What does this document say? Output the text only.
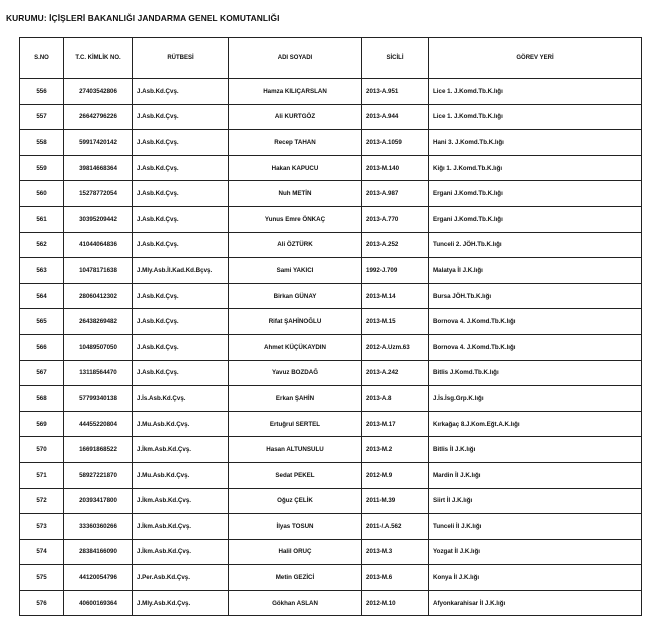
KURUMU: İÇİŞLERİ BAKANLIĞI JANDARMA GENEL KOMUTANLIĞI
S.NO	T.C. KİMLİK NO.	RÜTBESİ	ADI SOYADI	SİCİLİ	GÖREV YERİ
556	27403542806	J.Asb.Kd.Çvş.	Hamza KILIÇARSLAN	2013-A.951	Lice 1. J.Komd.Tb.K.lığı
557	26642796226	J.Asb.Kd.Çvş.	Ali KURTGÖZ	2013-A.944	Lice 1. J.Komd.Tb.K.lığı
558	59917420142	J.Asb.Kd.Çvş.	Recep TAHAN	2013-A.1059	Hani 3. J.Komd.Tb.K.lığı
559	39814668364	J.Asb.Kd.Çvş.	Hakan KAPUCU	2013-M.140	Kiğı 1. J.Komd.Tb.K.lığı
560	15278772054	J.Asb.Kd.Çvş.	Nuh METİN	2013-A.987	Ergani J.Komd.Tb.K.lığı
561	30395209442	J.Asb.Kd.Çvş.	Yunus Emre ÖNKAÇ	2013-A.770	Ergani J.Komd.Tb.K.lığı
562	41044064836	J.Asb.Kd.Çvş.	Ali ÖZTÜRK	2013-A.252	Tunceli 2. JÖH.Tb.K.lığı
563	10478171638	J.Mly.Asb.İl.Kad.Kd.Bçvş.	Sami YAKICI	1992-J.709	Malatya İl J.K.lığı
564	28060412302	J.Asb.Kd.Çvş.	Birkan GÜNAY	2013-M.14	Bursa JÖH.Tb.K.lığı
565	26438269482	J.Asb.Kd.Çvş.	Rifat ŞAHİNOĞLU	2013-M.15	Bornova 4. J.Komd.Tb.K.lığı
566	10489507050	J.Asb.Kd.Çvş.	Ahmet KÜÇÜKAYDIN	2012-A.Uzm.63	Bornova 4. J.Komd.Tb.K.lığı
567	13118564470	J.Asb.Kd.Çvş.	Yavuz BOZDAĞ	2013-A.242	Bitlis J.Komd.Tb.K.lığı
568	57799340138	J.İs.Asb.Kd.Çvş.	Erkan ŞAHİN	2013-A.8	J.İs.İsg.Grp.K.lığı
569	44455220804	J.Mu.Asb.Kd.Çvş.	Ertuğrul SERTEL	2013-M.17	Kırkağaç 8.J.Kom.Eğt.A.K.lığı
570	16691868522	J.İkm.Asb.Kd.Çvş.	Hasan ALTUNSULU	2013-M.2	Bitlis İl J.K.lığı
571	58927221870	J.Mu.Asb.Kd.Çvş.	Sedat PEKEL	2012-M.9	Mardin İl J.K.lığı
572	20393417800	J.İkm.Asb.Kd.Çvş.	Oğuz ÇELİK	2011-M.39	Siirt İl J.K.lığı
573	33360360266	J.İkm.Asb.Kd.Çvş.	İlyas TOSUN	2011-/.A.562	Tunceli İl J.K.lığı
574	28384166090	J.İkm.Asb.Kd.Çvş.	Halil ORUÇ	2013-M.3	Yozgat İl J.K.lığı
575	44120054796	J.Per.Asb.Kd.Çvş.	Metin GEZİCİ	2013-M.6	Konya İl J.K.lığı
576	40600169364	J.Mly.Asb.Kd.Çvş.	Gökhan ASLAN	2012-M.10	Afyonkarahisar İl J.K.lığı
